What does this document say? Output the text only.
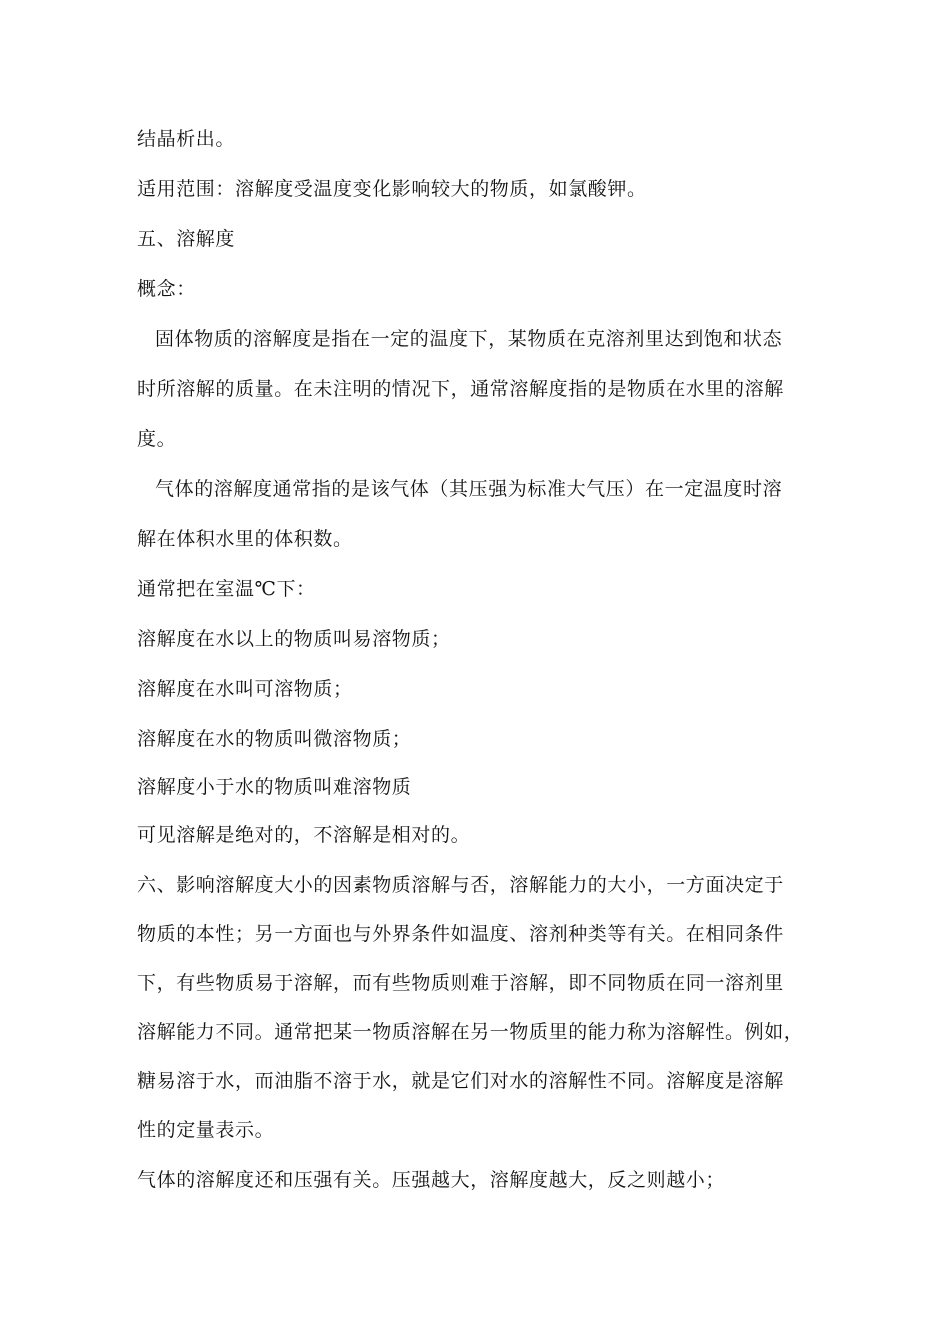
结晶析出。
适用范围：溶解度受温度变化影响较大的物质，如氯酸钾。
五、溶解度
概念：
固体物质的溶解度是指在一定的温度下，某物质在克溶剂里达到饱和状态
时所溶解的质量。在未注明的情况下，通常溶解度指的是物质在水里的溶解
度。
气体的溶解度通常指的是该气体（其压强为标准大气压）在一定温度时溶
解在体积水里的体积数。
通常把在室温℃下：
溶解度在水以上的物质叫易溶物质；
溶解度在水叫可溶物质；
溶解度在水的物质叫微溶物质；
溶解度小于水的物质叫难溶物质
可见溶解是绝对的，不溶解是相对的。
六、影响溶解度大小的因素物质溶解与否，溶解能力的大小，一方面决定于
物质的本性；另一方面也与外界条件如温度、溶剂种类等有关。在相同条件
下，有些物质易于溶解，而有些物质则难于溶解，即不同物质在同一溶剂里
溶解能力不同。通常把某一物质溶解在另一物质里的能力称为溶解性。例如，
糖易溶于水，而油脂不溶于水，就是它们对水的溶解性不同。溶解度是溶解
性的定量表示。
气体的溶解度还和压强有关。压强越大，溶解度越大，反之则越小；
